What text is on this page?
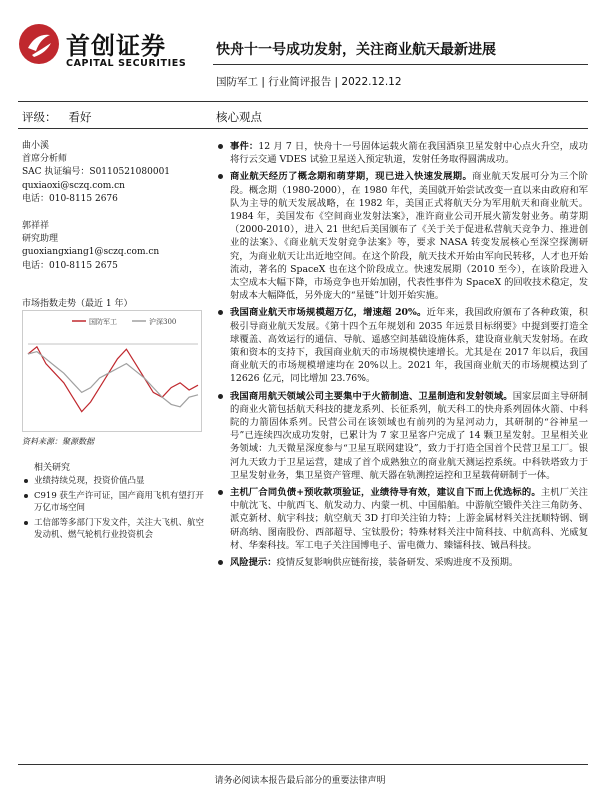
首创证券
CAPITAL SECURITIES
快舟十一号成功发射，关注商业航天最新进展
国防军工 | 行业简评报告 | 2022.12.12
评级： 看好	核心观点
曲小溪
首席分析师
SAC 执证编号：S0110521080001
quxiaoxi@sczq.com.cn
电话：010-8115 2676
郭祥祥
研究助理
guoxiangxiang1@sczq.com.cn
电话：010-8115 2675
市场指数走势（最近 1 年）
国防军工	沪深300
资料来源：聚源数据
相关研究
业绩持续兑现，投资价值凸显
C919 获生产许可证，国产商用飞机有望打开万亿市场空间
工信部等多部门下发文件，关注大飞机、航空发动机、燃气轮机行业投资机会
事件：12 月 7 日，快舟十一号固体运载火箭在我国酒泉卫星发射中心点火升空，成功将行云交通 VDES 试验卫星送入预定轨道，发射任务取得圆满成功。
商业航天经历了概念期和萌芽期，现已进入快速发展期。商业航天发展可分为三个阶段。概念期（1980-2000），在 1980 年代，美国就开始尝试改变一直以来由政府和军队为主导的航天发展战略，在 1982 年，美国正式将航天分为军用航天和商业航天。1984 年，美国发布《空间商业发射法案》，准许商业公司开展火箭发射业务。萌芽期（2000-2010），进入 21 世纪后美国颁布了《关于关于促进私营航天竞争力、推进创业的法案》、《商业航天发射竞争法案》等，要求 NASA 转变发展核心至深空探测研究，为商业航天让出近地空间。在这个阶段，航天技术开始由军向民转移，人才也开始流动，著名的 SpaceX 也在这个阶段成立。快速发展期（2010 至今），在该阶段进入太空成本大幅下降，市场竞争也开始加剧，代表性事件为 SpaceX 的回收技术稳定，发射成本大幅降低，另外庞大的“星链”计划开始实施。
我国商业航天市场规模超万亿，增速超 20%。近年来，我国政府颁布了各种政策，积极引导商业航天发展。《第十四个五年规划和 2035 年远景目标纲要》中提到要打造全球覆盖、高效运行的通信、导航、遥感空间基础设施体系，建设商业航天发射场。在政策和资本的支持下，我国商业航天的市场规模快速增长。尤其是在 2017 年以后，我国商业航天的市场规模增速均在 20%以上。2021 年，我国商业航天的市场规模达到了 12626 亿元，同比增加 23.76%。
我国商用航天领域公司主要集中于火箭制造、卫星制造和发射领域。国家层面主导研制的商业火箭包括航天科技的捷龙系列、长征系列，航天科工的快舟系列固体火箭、中科院的力箭固体系列。民营公司在该领域也有前列的为星河动力，其研制的“谷神星一号”已连续四次成功发射，已累计为 7 家卫星客户完成了 14 颗卫星发射。卫星相关业务领域：九天微星深度参与“卫星互联网建设”，致力于打造全国首个民营卫星工厂。银河九天致力于卫星运营，建成了首个成熟独立的商业航天测运控系统。中科铁塔致力于卫星发射业务，集卫星资产管理、航天器在轨测控运控和卫星载荷研制于一体。
主机厂合同负债+预收款项验证，业绩待导有效，建议自下而上优选标的。主机厂关注中航沈飞、中航西飞、航发动力、内蒙一机、中国船舶。中游航空锻件关注三角防务、派克新材、航宇科技；航空航天 3D 打印关注铂力特；上游金属材料关注抚顺特钢、钢研高纳、图南股份、西部超导、宝钛股份；特殊材料关注中简科技、中航高科、光威复材、华秦科技。军工电子关注国博电子、雷电微力、臻镭科技、铖昌科技。
风险提示：疫情反复影响供应链衔接，装备研发、采购进度不及预期。
请务必阅读本报告最后部分的重要法律声明
